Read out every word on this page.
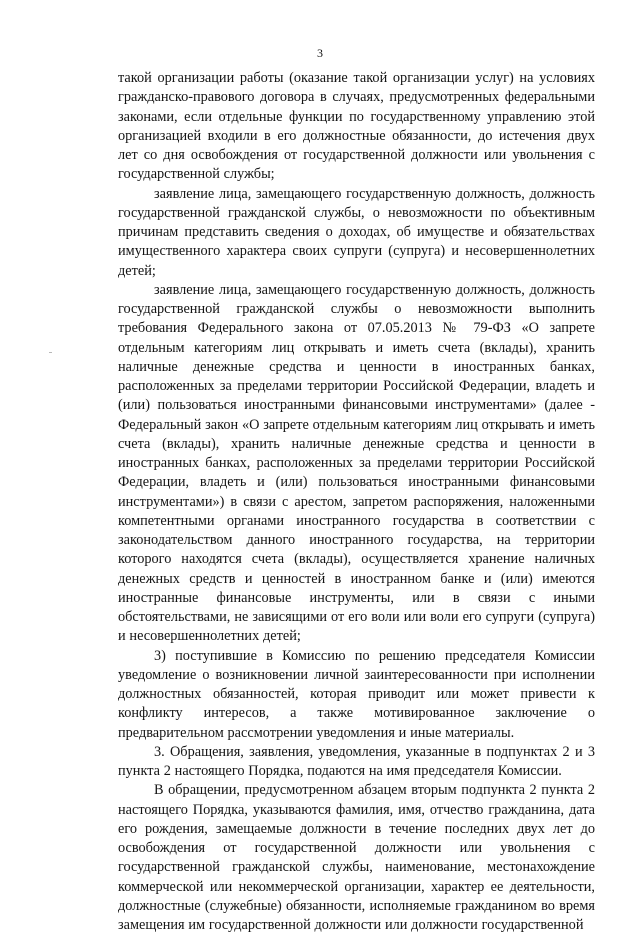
3

такой организации работы (оказание такой организации услуг) на условиях гражданско-правового договора в случаях, предусмотренных федеральными законами, если отдельные функции по государственному управлению этой организацией входили в его должностные обязанности, до истечения двух лет со дня освобождения от государственной должности или увольнения с государственной службы;

заявление лица, замещающего государственную должность, должность государственной гражданской службы, о невозможности по объективным причинам представить сведения о доходах, об имуществе и обязательствах имущественного характера своих супруги (супруга) и несовершеннолетних детей;

заявление лица, замещающего государственную должность, должность государственной гражданской службы о невозможности выполнить требования Федерального закона от 07.05.2013 № 79-ФЗ «О запрете отдельным категориям лиц открывать и иметь счета (вклады), хранить наличные денежные средства и ценности в иностранных банках, расположенных за пределами территории Российской Федерации, владеть и (или) пользоваться иностранными финансовыми инструментами» (далее - Федеральный закон «О запрете отдельным категориям лиц открывать и иметь счета (вклады), хранить наличные денежные средства и ценности в иностранных банках, расположенных за пределами территории Российской Федерации, владеть и (или) пользоваться иностранными финансовыми инструментами») в связи с арестом, запретом распоряжения, наложенными компетентными органами иностранного государства в соответствии с законодательством данного иностранного государства, на территории которого находятся счета (вклады), осуществляется хранение наличных денежных средств и ценностей в иностранном банке и (или) имеются иностранные финансовые инструменты, или в связи с иными обстоятельствами, не зависящими от его воли или воли его супруги (супруга) и несовершеннолетних детей;

3) поступившие в Комиссию по решению председателя Комиссии уведомление о возникновении личной заинтересованности при исполнении должностных обязанностей, которая приводит или может привести к конфликту интересов, а также мотивированное заключение о предварительном рассмотрении уведомления и иные материалы.

3. Обращения, заявления, уведомления, указанные в подпунктах 2 и 3 пункта 2 настоящего Порядка, подаются на имя председателя Комиссии.

В обращении, предусмотренном абзацем вторым подпункта 2 пункта 2 настоящего Порядка, указываются фамилия, имя, отчество гражданина, дата его рождения, замещаемые должности в течение последних двух лет до освобождения от государственной должности или увольнения с государственной гражданской службы, наименование, местонахождение коммерческой или некоммерческой организации, характер ее деятельности, должностные (служебные) обязанности, исполняемые гражданином во время замещения им государственной должности или должности государственной
